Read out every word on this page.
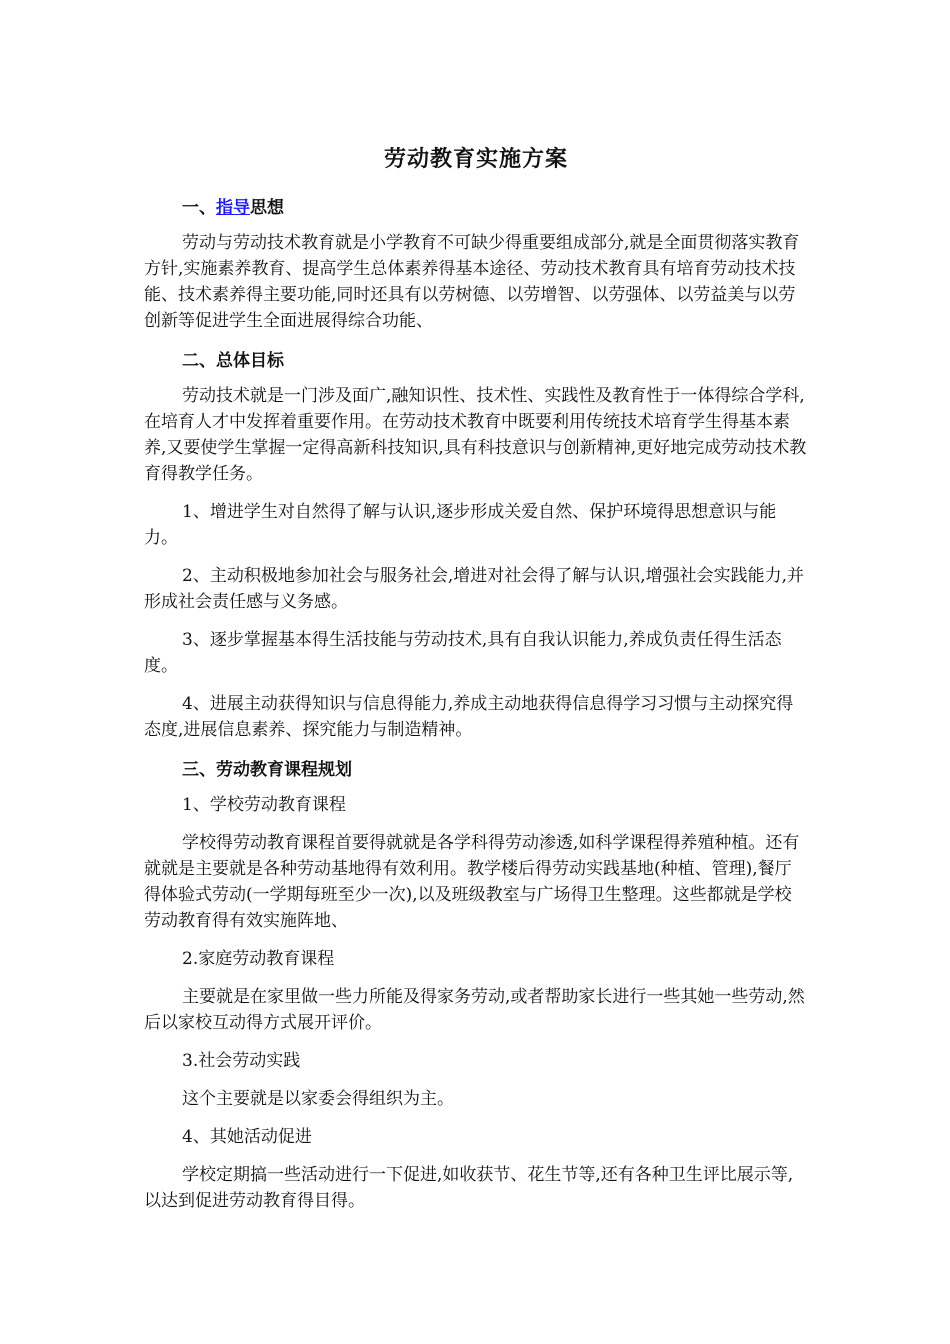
劳动教育实施方案
一、指导思想

劳动与劳动技术教育就是小学教育不可缺少得重要组成部分,就是全面贯彻落实教育方针,实施素养教育、提高学生总体素养得基本途径、劳动技术教育具有培育劳动技术技能、技术素养得主要功能,同时还具有以劳树德、以劳增智、以劳强体、以劳益美与以劳创新等促进学生全面进展得综合功能、

二、总体目标

劳动技术就是一门涉及面广,融知识性、技术性、实践性及教育性于一体得综合学科,在培育人才中发挥着重要作用。在劳动技术教育中既要利用传统技术培育学生得基本素养,又要使学生掌握一定得高新科技知识,具有科技意识与创新精神,更好地完成劳动技术教育得教学任务。

1、增进学生对自然得了解与认识,逐步形成关爱自然、保护环境得思想意识与能力。

2、主动积极地参加社会与服务社会,增进对社会得了解与认识,增强社会实践能力,并形成社会责任感与义务感。

3、逐步掌握基本得生活技能与劳动技术,具有自我认识能力,养成负责任得生活态度。

4、进展主动获得知识与信息得能力,养成主动地获得信息得学习习惯与主动探究得态度,进展信息素养、探究能力与制造精神。

三、劳动教育课程规划
1、学校劳动教育课程

学校得劳动教育课程首要得就就是各学科得劳动渗透,如科学课程得养殖种植。还有就就是主要就是各种劳动基地得有效利用。教学楼后得劳动实践基地(种植、管理),餐厅得体验式劳动(一学期每班至少一次),以及班级教室与广场得卫生整理。这些都就是学校劳动教育得有效实施阵地、

2.家庭劳动教育课程

主要就是在家里做一些力所能及得家务劳动,或者帮助家长进行一些其她一些劳动,然后以家校互动得方式展开评价。

3.社会劳动实践

这个主要就是以家委会得组织为主。

4、其她活动促进

学校定期搞一些活动进行一下促进,如收获节、花生节等,还有各种卫生评比展示等,以达到促进劳动教育得目得。
